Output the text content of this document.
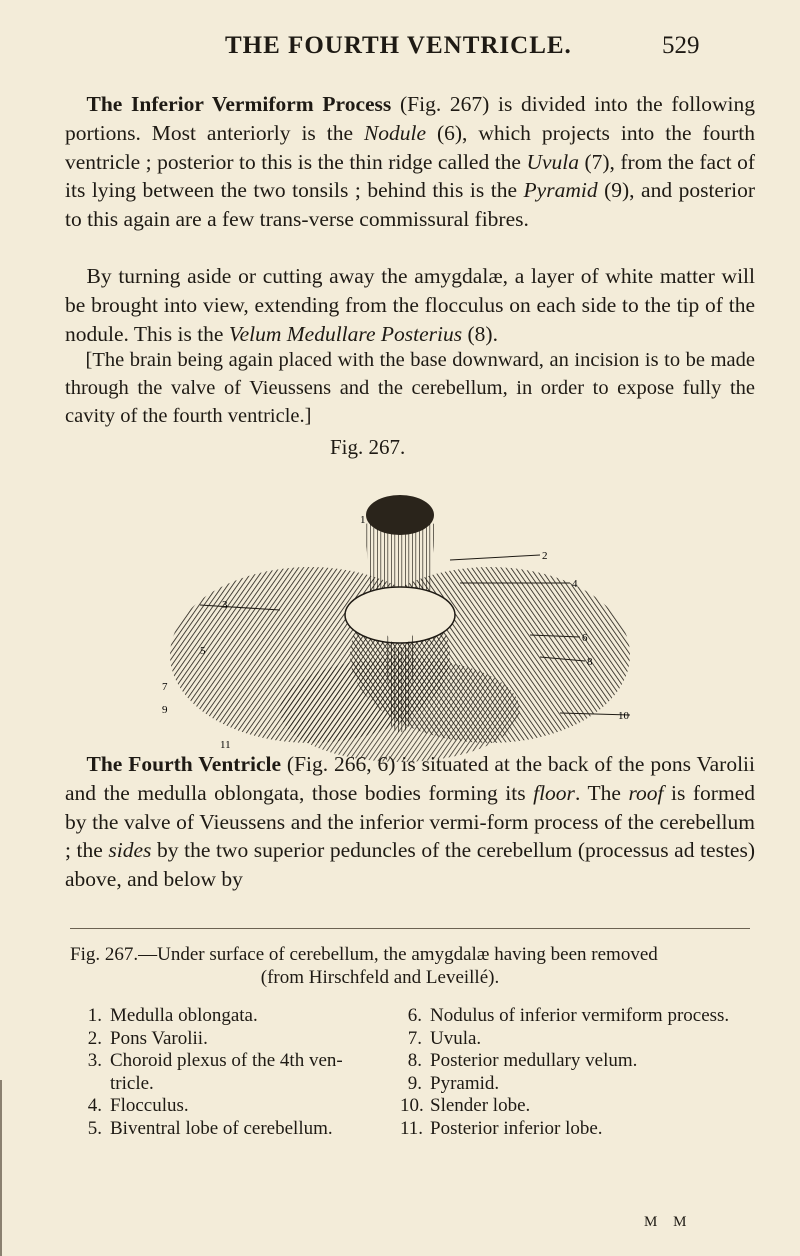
THE FOURTH VENTRICLE.	529

The Inferior Vermiform Process (Fig. 267) is divided into the following portions. Most anteriorly is the Nodule (6), which projects into the fourth ventricle ; posterior to this is the thin ridge called the Uvula (7), from the fact of its lying between the two tonsils ; behind this is the Pyramid (9), and posterior to this again are a few trans-verse commissural fibres.

By turning aside or cutting away the amygdalæ, a layer of white matter will be brought into view, extending from the flocculus on each side to the tip of the nodule. This is the Velum Medullare Posterius (8).

[The brain being again placed with the base downward, an incision is to be made through the valve of Vieussens and the cerebellum, in order to expose fully the cavity of the fourth ventricle.]

Fig. 267.
1
2
3
4
5
6
7
8
9	10
11

The Fourth Ventricle (Fig. 266, 6) is situated at the back of the pons Varolii and the medulla oblongata, those bodies forming its floor. The roof is formed by the valve of Vieussens and the inferior vermi-form process of the cerebellum ; the sides by the two superior peduncles of the cerebellum (processus ad testes) above, and below by

Fig. 267.—Under surface of cerebellum, the amygdalæ having been removed
(from Hirschfeld and Leveillé).
1. Medulla oblongata.
2. Pons Varolii.
3. Choroid plexus of the 4th ven-tricle.
4. Flocculus.
5. Biventral lobe of cerebellum.
6. Nodulus of inferior vermiform process.
7. Uvula.
8. Posterior medullary velum.
9. Pyramid.
10. Slender lobe.
11. Posterior inferior lobe.
M M
